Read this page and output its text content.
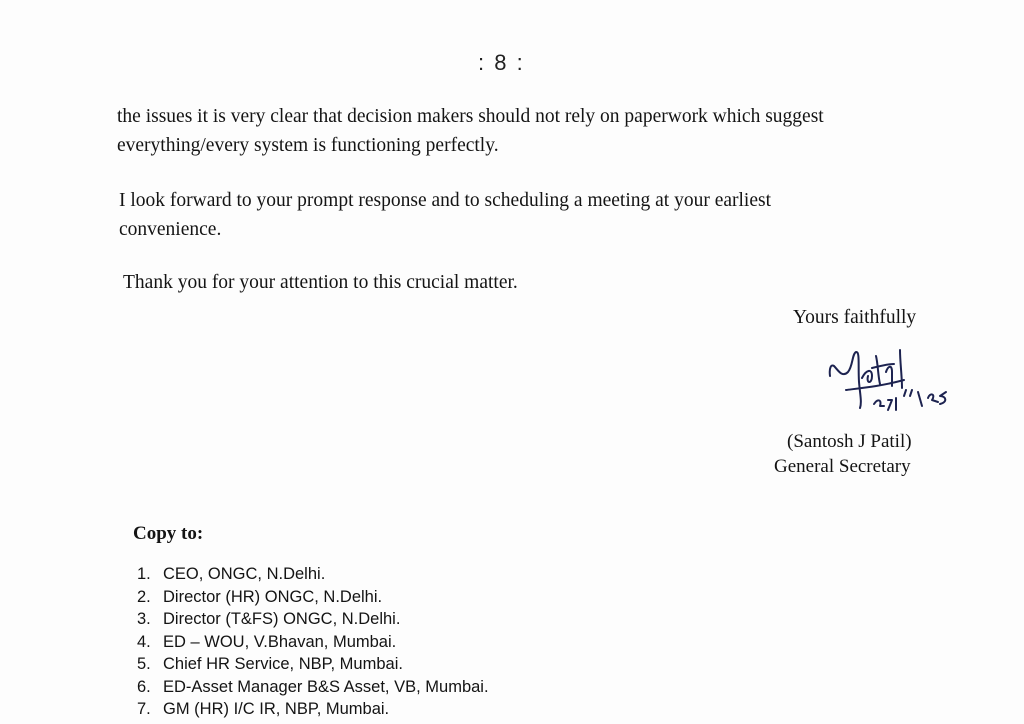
: 8 :
the issues it is very clear that decision makers should not rely on paperwork which suggest
everything/every system is functioning perfectly.
I look forward to your prompt response and to scheduling a meeting at your earliest
convenience.
Thank you for your attention to this crucial matter.
Yours faithfully
(Santosh J Patil)
General Secretary
Copy to:
1. CEO, ONGC, N.Delhi.
2. Director (HR) ONGC, N.Delhi.
3. Director (T&FS) ONGC, N.Delhi.
4. ED – WOU, V.Bhavan, Mumbai.
5. Chief HR Service, NBP, Mumbai.
6. ED-Asset Manager B&S Asset, VB, Mumbai.
7. GM (HR) I/C IR, NBP, Mumbai.
